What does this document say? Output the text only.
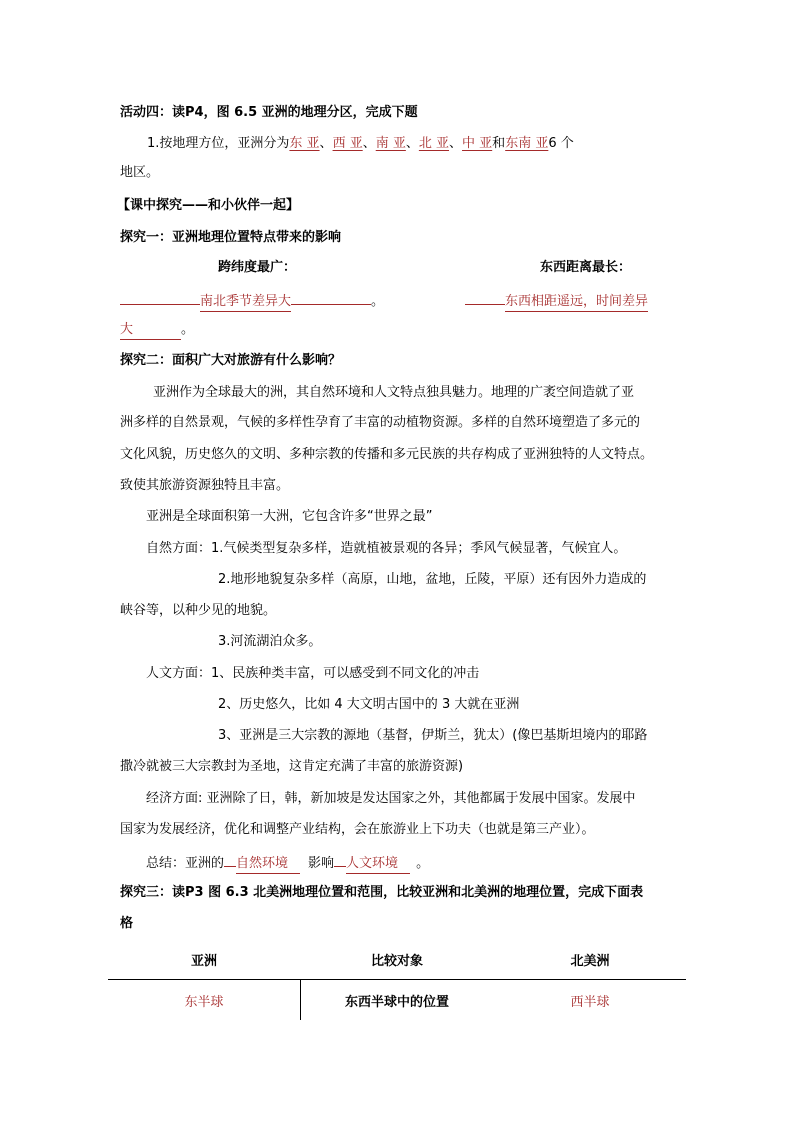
活动四：读P4，图 6.5 亚洲的地理分区，完成下题
1.按地理方位，亚洲分为东 亚、西 亚、南 亚、北 亚、中 亚和东南 亚6 个
地区。
【课中探究——和小伙伴一起】
探究一：亚洲地理位置特点带来的影响
跨纬度最广：	东西距离最长：
南北季节差异大	。	东西相距遥远，时间差异
大	。
探究二：面积广大对旅游有什么影响？
亚洲作为全球最大的洲，其自然环境和人文特点独具魅力。地理的广袤空间造就了亚
洲多样的自然景观，气候的多样性孕育了丰富的动植物资源。多样的自然环境塑造了多元的
文化风貌，历史悠久的文明、多种宗教的传播和多元民族的共存构成了亚洲独特的人文特点。
致使其旅游资源独特且丰富。
亚洲是全球面积第一大洲，它包含许多“世界之最”
自然方面：1.气候类型复杂多样，造就植被景观的各异；季风气候显著，气候宜人。
2.地形地貌复杂多样（高原，山地，盆地，丘陵，平原）还有因外力造成的
峡谷等，以种少见的地貌。
3.河流湖泊众多。
人文方面：1、民族种类丰富，可以感受到不同文化的冲击
2、历史悠久，比如 4 大文明古国中的 3 大就在亚洲
3、亚洲是三大宗教的源地（基督，伊斯兰，犹太）(像巴基斯坦境内的耶路
撒冷就被三大宗教封为圣地，这肯定充满了丰富的旅游资源)
经济方面: 亚洲除了日，韩，新加坡是发达国家之外，其他都属于发展中国家。发展中
国家为发展经济，优化和调整产业结构，会在旅游业上下功夫（也就是第三产业）。
总结：亚洲的 自然环境 影响 人文环境 。
探究三：读P3 图 6.3 北美洲地理位置和范围，比较亚洲和北美洲的地理位置，完成下面表
格
亚洲	比较对象	北美洲
东半球	东西半球中的位置	西半球
